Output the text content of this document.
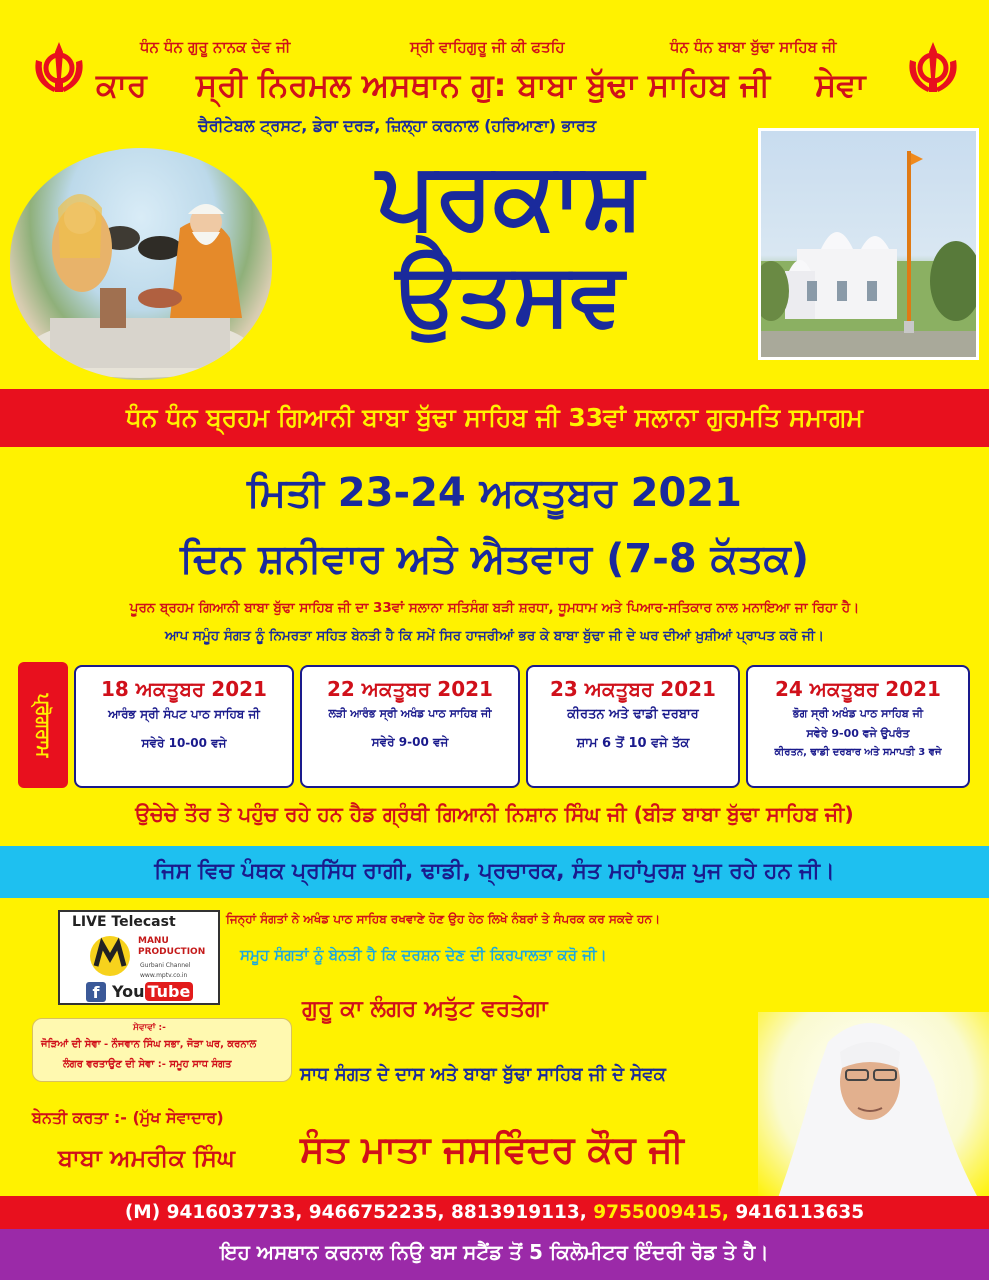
ਧੰਨ ਧੰਨ ਗੁਰੂ ਨਾਨਕ ਦੇਵ ਜੀ	ਸ੍ਰੀ ਵਾਹਿਗੁਰੂ ਜੀ ਕੀ ਫਤਹਿ	ਧੰਨ ਧੰਨ ਬਾਬਾ ਬੁੱਢਾ ਸਾਹਿਬ ਜੀ
ਕਾਰ ਸ੍ਰੀ ਨਿਰਮਲ ਅਸਥਾਨ ਗੁ: ਬਾਬਾ ਬੁੱਢਾ ਸਾਹਿਬ ਜੀ ਸੇਵਾ
ਚੈਰੀਟੇਬਲ ਟ੍ਰਸਟ, ਡੇਰਾ ਦਰੜ, ਜ਼ਿਲ੍ਹਾ ਕਰਨਾਲ (ਹਰਿਆਣਾ) ਭਾਰਤ
ਪ੍ਰਕਾਸ਼
ਉਤਸਵ
ਧੰਨ ਧੰਨ ਬ੍ਰਹਮ ਗਿਆਨੀ ਬਾਬਾ ਬੁੱਢਾ ਸਾਹਿਬ ਜੀ 33ਵਾਂ ਸਲਾਨਾ ਗੁਰਮਤਿ ਸਮਾਗਮ
ਮਿਤੀ 23-24 ਅਕਤੂਬਰ 2021
ਦਿਨ ਸ਼ਨੀਵਾਰ ਅਤੇ ਐਤਵਾਰ (7-8 ਕੱਤਕ)
ਪੂਰਨ ਬ੍ਰਹਮ ਗਿਆਨੀ ਬਾਬਾ ਬੁੱਢਾ ਸਾਹਿਬ ਜੀ ਦਾ 33ਵਾਂ ਸਲਾਨਾ ਸਤਿਸੰਗ ਬੜੀ ਸ਼ਰਧਾ, ਧੂਮਧਾਮ ਅਤੇ ਪਿਆਰ-ਸਤਿਕਾਰ ਨਾਲ ਮਨਾਇਆ ਜਾ ਰਿਹਾ ਹੈ।
ਆਪ ਸਮੂੰਹ ਸੰਗਤ ਨੂੰ ਨਿਮਰਤਾ ਸਹਿਤ ਬੇਨਤੀ ਹੈ ਕਿ ਸਮੇਂ ਸਿਰ ਹਾਜਰੀਆਂ ਭਰ ਕੇ ਬਾਬਾ ਬੁੱਢਾ ਜੀ ਦੇ ਘਰ ਦੀਆਂ ਖ਼ੁਸ਼ੀਆਂ ਪ੍ਰਾਪਤ ਕਰੋ ਜੀ।
ਪ੍ਰੋਗਰਾਮ
18 ਅਕਤੂਬਰ 2021
ਆਰੰਭ ਸ੍ਰੀ ਸੰਪਟ ਪਾਠ ਸਾਹਿਬ ਜੀ
ਸਵੇਰੇ 10-00 ਵਜੇ
22 ਅਕਤੂਬਰ 2021
ਲੜੀ ਆਰੰਭ ਸ੍ਰੀ ਅਖੰਡ ਪਾਠ ਸਾਹਿਬ ਜੀ
ਸਵੇਰੇ 9-00 ਵਜੇ
23 ਅਕਤੂਬਰ 2021
ਕੀਰਤਨ ਅਤੇ ਢਾਡੀ ਦਰਬਾਰ
ਸ਼ਾਮ 6 ਤੋਂ 10 ਵਜੇ ਤੱਕ
24 ਅਕਤੂਬਰ 2021
ਭੋਗ ਸ੍ਰੀ ਅਖੰਡ ਪਾਠ ਸਾਹਿਬ ਜੀ
ਸਵੇਰੇ 9-00 ਵਜੇ ਉਪਰੰਤ
ਕੀਰਤਨ, ਢਾਡੀ ਦਰਬਾਰ ਅਤੇ ਸਮਾਪਤੀ 3 ਵਜੇ
ਉਚੇਚੇ ਤੌਰ ਤੇ ਪਹੁੰਚ ਰਹੇ ਹਨ ਹੈਡ ਗ੍ਰੰਥੀ ਗਿਆਨੀ ਨਿਸ਼ਾਨ ਸਿੰਘ ਜੀ (ਬੀੜ ਬਾਬਾ ਬੁੱਢਾ ਸਾਹਿਬ ਜੀ)
ਜਿਸ ਵਿਚ ਪੰਥਕ ਪ੍ਰਸਿੱਧ ਰਾਗੀ, ਢਾਡੀ, ਪ੍ਰਚਾਰਕ, ਸੰਤ ਮਹਾਂਪੁਰਸ਼ ਪੁਜ ਰਹੇ ਹਨ ਜੀ।
LIVE Telecast
MANU PRODUCTION
Gurbani Channel
www.mptv.co.in
f You Tube
ਜਿਨ੍ਹਾਂ ਸੰਗਤਾਂ ਨੇ ਅਖੰਡ ਪਾਠ ਸਾਹਿਬ ਰਖਵਾਣੇ ਹੋਣ ਉਹ ਹੇਠ ਲਿਖੇ ਨੰਬਰਾਂ ਤੇ ਸੰਪਰਕ ਕਰ ਸਕਦੇ ਹਨ।
ਸਮੂਹ ਸੰਗਤਾਂ ਨੂੰ ਬੇਨਤੀ ਹੈ ਕਿ ਦਰਸ਼ਨ ਦੇਣ ਦੀ ਕਿਰਪਾਲਤਾ ਕਰੋ ਜੀ।
ਗੁਰੂ ਕਾ ਲੰਗਰ ਅਤੁੱਟ ਵਰਤੇਗਾ
ਸਾਧ ਸੰਗਤ ਦੇ ਦਾਸ ਅਤੇ ਬਾਬਾ ਬੁੱਢਾ ਸਾਹਿਬ ਜੀ ਦੇ ਸੇਵਕ
ਸੰਤ ਮਾਤਾ ਜਸਵਿੰਦਰ ਕੌਰ ਜੀ
ਸੇਵਾਵਾਂ :-
ਜੋੜਿਆਂ ਦੀ ਸੇਵਾ - ਨੌਜਵਾਨ ਸਿੰਘ ਸਭਾ, ਜੋੜਾ ਘਰ, ਕਰਨਾਲ
ਲੰਗਰ ਵਰਤਾਉਣ ਦੀ ਸੇਵਾ :- ਸਮੂਹ ਸਾਧ ਸੰਗਤ
ਬੇਨਤੀ ਕਰਤਾ :- (ਮੁੱਖ ਸੇਵਾਦਾਰ)
ਬਾਬਾ ਅਮਰੀਕ ਸਿੰਘ
(M) 9416037733, 9466752235, 8813919113, 9755009415, 9416113635
ਇਹ ਅਸਥਾਨ ਕਰਨਾਲ ਨਿਉ ਬਸ ਸਟੈਂਡ ਤੋਂ 5 ਕਿਲੋਮੀਟਰ ਇੰਦਰੀ ਰੋਡ ਤੇ ਹੈ।
